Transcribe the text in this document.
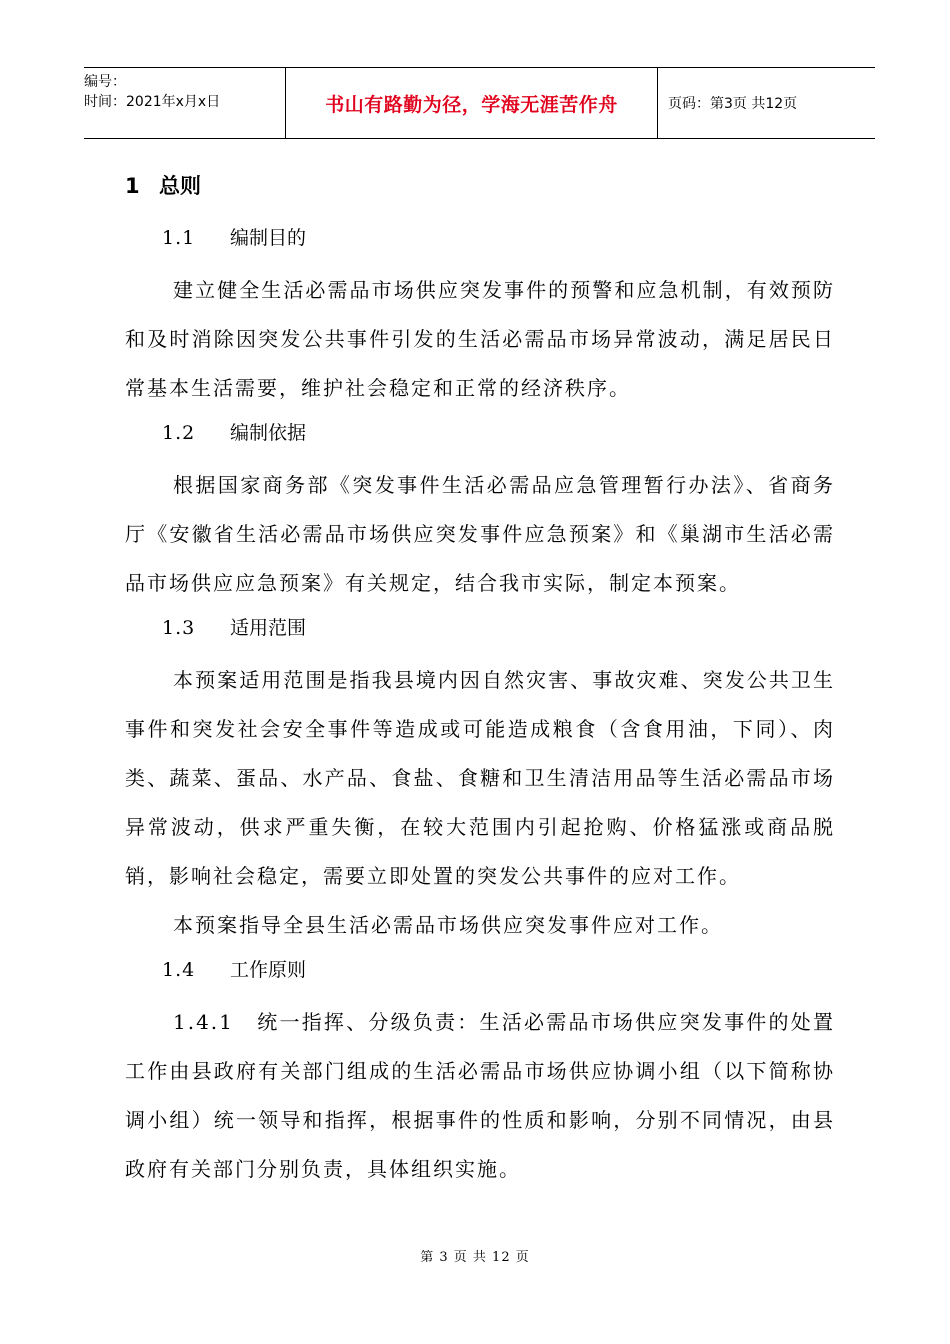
编号：
时间：2021年x月x日	书山有路勤为径，学海无涯苦作舟	页码：第3页 共12页
1 总则
1.1 编制目的

建立健全生活必需品市场供应突发事件的预警和应急机制，有效预防和及时消除因突发公共事件引发的生活必需品市场异常波动，满足居民日常基本生活需要，维护社会稳定和正常的经济秩序。

1.2 编制依据

根据国家商务部《突发事件生活必需品应急管理暂行办法》、省商务厅《安徽省生活必需品市场供应突发事件应急预案》和《巢湖市生活必需品市场供应应急预案》有关规定，结合我市实际，制定本预案。

1.3 适用范围

本预案适用范围是指我县境内因自然灾害、事故灾难、突发公共卫生事件和突发社会安全事件等造成或可能造成粮食（含食用油，下同）、肉类、蔬菜、蛋品、水产品、食盐、食糖和卫生清洁用品等生活必需品市场异常波动，供求严重失衡，在较大范围内引起抢购、价格猛涨或商品脱销，影响社会稳定，需要立即处置的突发公共事件的应对工作。

本预案指导全县生活必需品市场供应突发事件应对工作。

1.4 工作原则

1.4.1 统一指挥、分级负责：生活必需品市场供应突发事件的处置工作由县政府有关部门组成的生活必需品市场供应协调小组（以下简称协调小组）统一领导和指挥，根据事件的性质和影响，分别不同情况，由县政府有关部门分别负责，具体组织实施。

第 3 页 共 12 页
